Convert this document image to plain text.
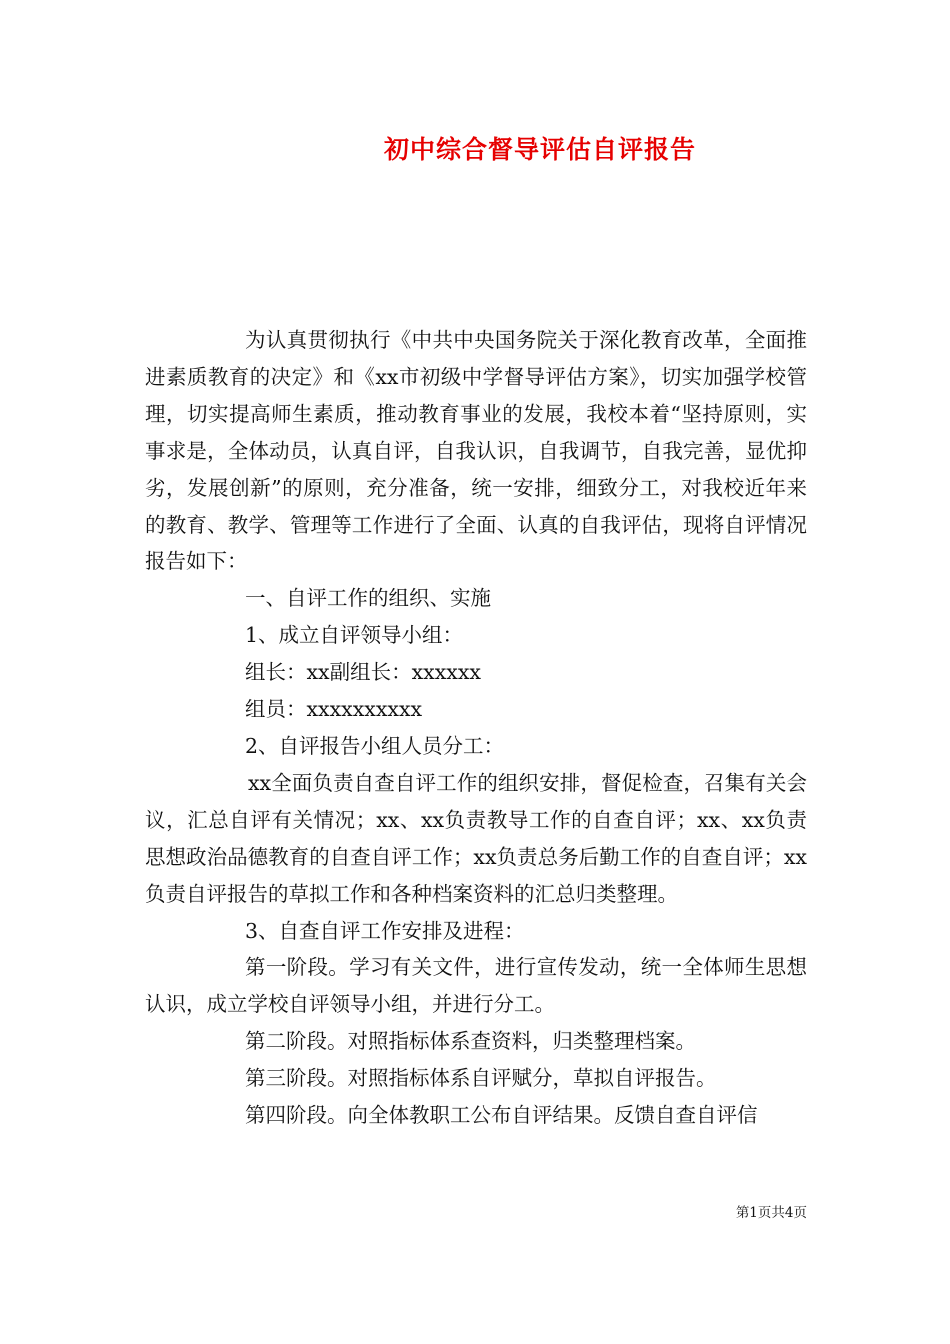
初中综合督导评估自评报告

为认真贯彻执行《中共中央国务院关于深化教育改革，全面推进素质教育的决定》和《xx市初级中学督导评估方案》，切实加强学校管理，切实提高师生素质，推动教育事业的发展，我校本着“坚持原则，实事求是，全体动员，认真自评，自我认识，自我调节，自我完善，显优抑劣，发展创新”的原则，充分准备，统一安排，细致分工，对我校近年来的教育、教学、管理等工作进行了全面、认真的自我评估，现将自评情况报告如下：

一、自评工作的组织、实施

1、成立自评领导小组：

组长：xx副组长：xxxxxx

组员：xxxxxxxxxx

2、自评报告小组人员分工：

xx全面负责自查自评工作的组织安排，督促检查，召集有关会议，汇总自评有关情况；xx、xx负责教导工作的自查自评；xx、xx负责思想政治品德教育的自查自评工作；xx负责总务后勤工作的自查自评；xx负责自评报告的草拟工作和各种档案资料的汇总归类整理。

3、自查自评工作安排及进程：

第一阶段。学习有关文件，进行宣传发动，统一全体师生思想认识，成立学校自评领导小组，并进行分工。

第二阶段。对照指标体系查资料，归类整理档案。

第三阶段。对照指标体系自评赋分，草拟自评报告。

第四阶段。向全体教职工公布自评结果。反馈自查自评信

第1页共4页
